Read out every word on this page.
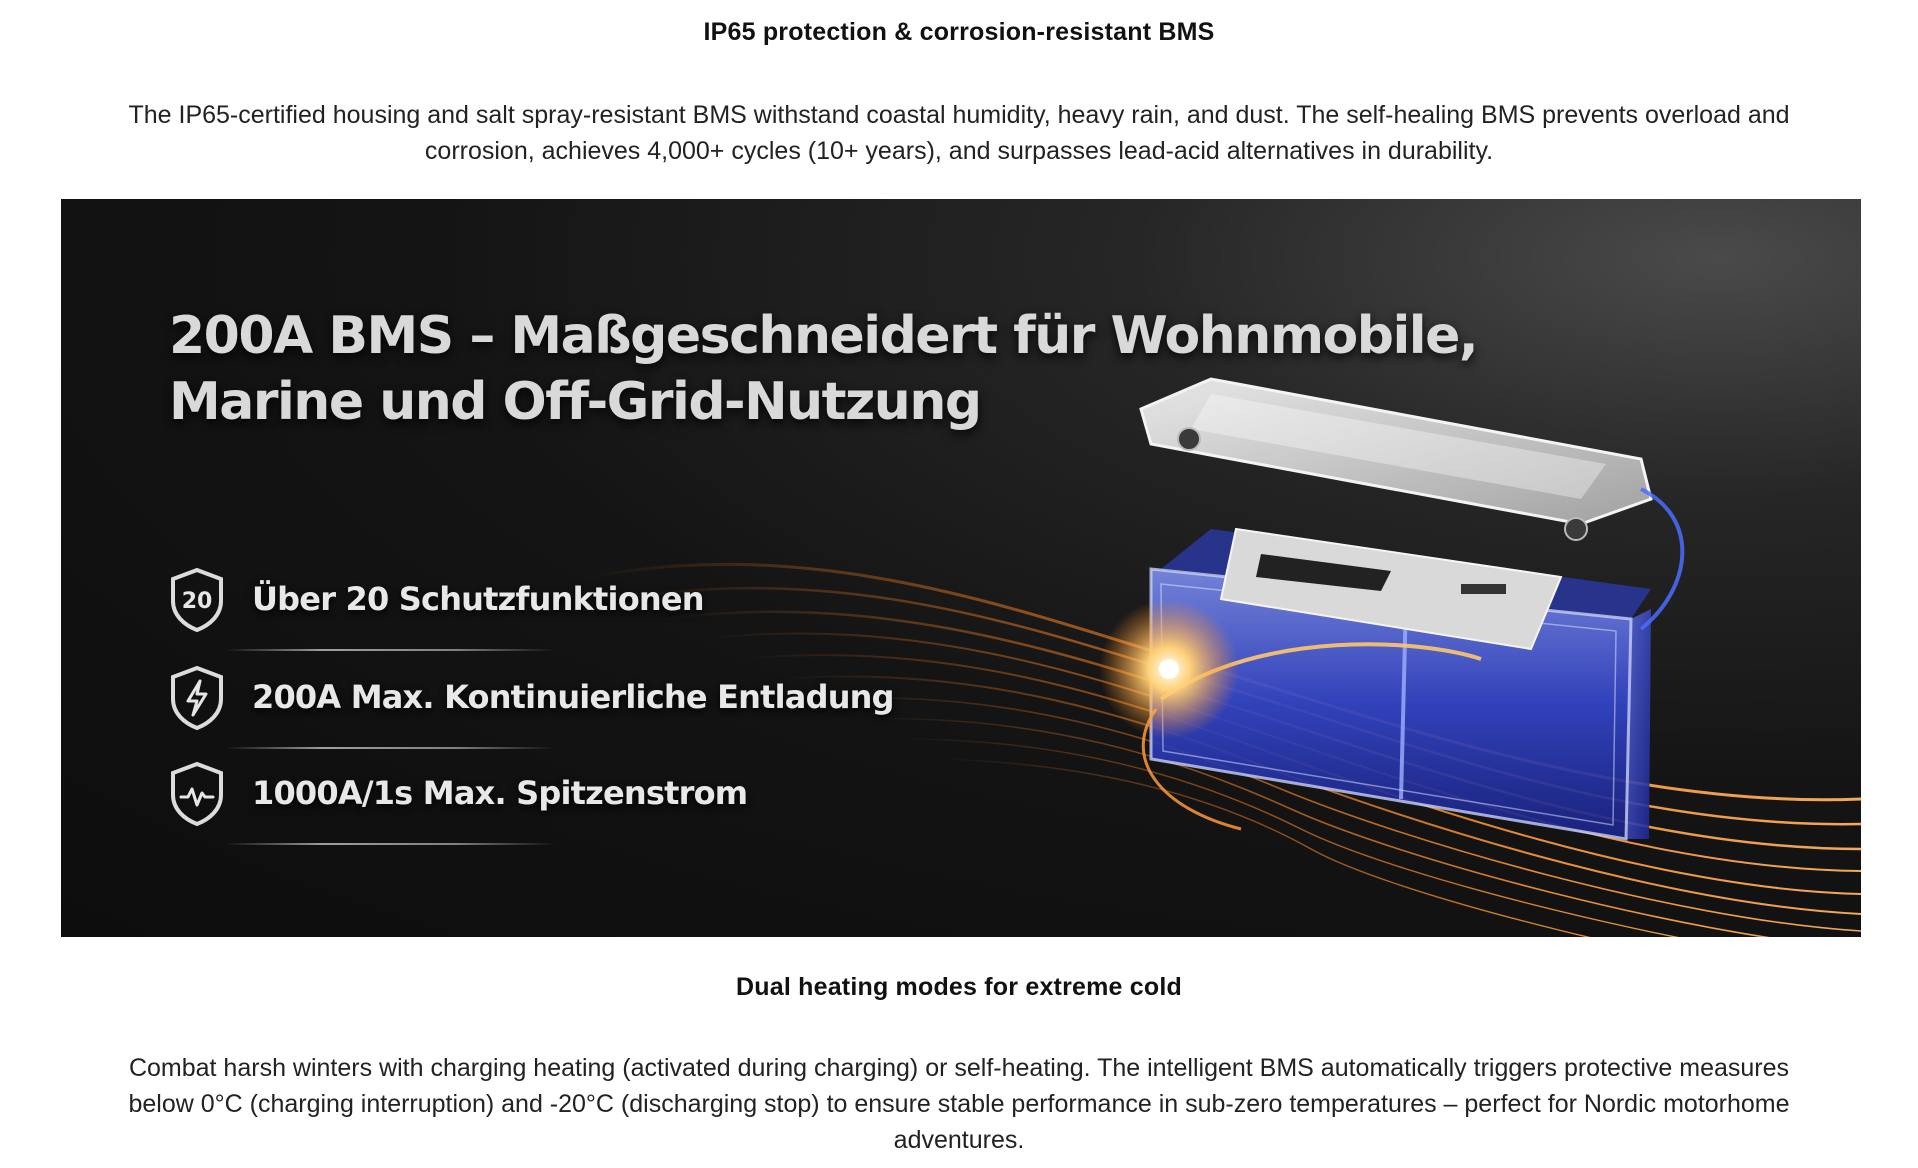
IP65 protection & corrosion-resistant BMS
The IP65-certified housing and salt spray-resistant BMS withstand coastal humidity, heavy rain, and dust. The self-healing BMS prevents overload and corrosion, achieves 4,000+ cycles (10+ years), and surpasses lead-acid alternatives in durability.
200A BMS – Maßgeschneidert für Wohnmobile,
Marine und Off-Grid-Nutzung
20 Über 20 Schutzfunktionen
200A Max. Kontinuierliche Entladung
1000A/1s Max. Spitzenstrom
Dual heating modes for extreme cold
Combat harsh winters with charging heating (activated during charging) or self-heating. The intelligent BMS automatically triggers protective measures below 0°C (charging interruption) and -20°C (discharging stop) to ensure stable performance in sub-zero temperatures – perfect for Nordic motorhome adventures.
